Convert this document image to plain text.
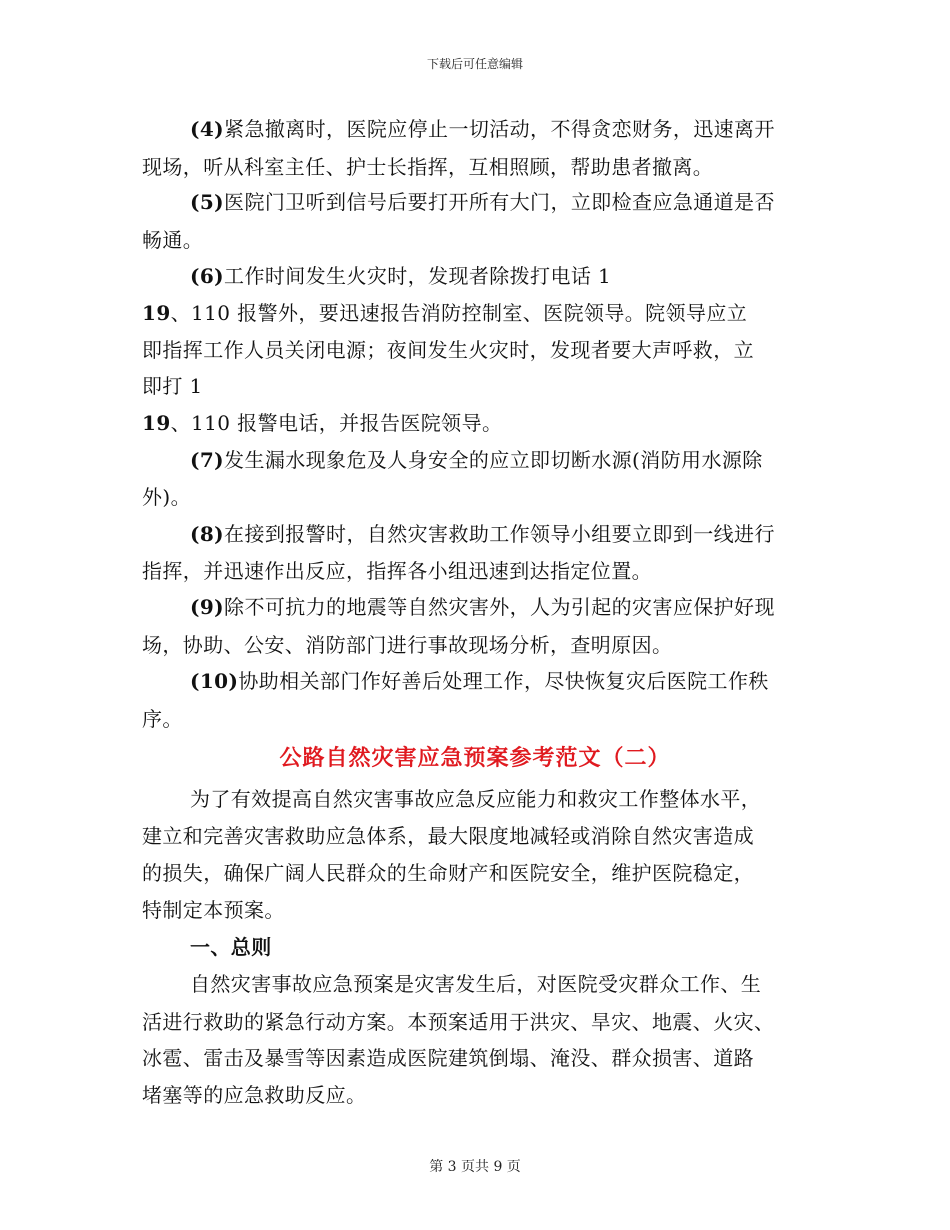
下载后可任意编辑
(4)紧急撤离时，医院应停止一切活动，不得贪恋财务，迅速离开
现场，听从科室主任、护士长指挥，互相照顾，帮助患者撤离。
(5)医院门卫听到信号后要打开所有大门，立即检查应急通道是否
畅通。
(6)工作时间发生火灾时，发现者除拨打电话 1
19、110 报警外，要迅速报告消防控制室、医院领导。院领导应立
即指挥工作人员关闭电源；夜间发生火灾时，发现者要大声呼救，立
即打 1
19、110 报警电话，并报告医院领导。
(7)发生漏水现象危及人身安全的应立即切断水源(消防用水源除
外)。
(8)在接到报警时，自然灾害救助工作领导小组要立即到一线进行
指挥，并迅速作出反应，指挥各小组迅速到达指定位置。
(9)除不可抗力的地震等自然灾害外，人为引起的灾害应保护好现
场，协助、公安、消防部门进行事故现场分析，查明原因。
(10)协助相关部门作好善后处理工作，尽快恢复灾后医院工作秩
序。
公路自然灾害应急预案参考范文（二）
为了有效提高自然灾害事故应急反应能力和救灾工作整体水平，
建立和完善灾害救助应急体系，最大限度地减轻或消除自然灾害造成
的损失，确保广阔人民群众的生命财产和医院安全，维护医院稳定，
特制定本预案。
一、总则
自然灾害事故应急预案是灾害发生后，对医院受灾群众工作、生
活进行救助的紧急行动方案。本预案适用于洪灾、旱灾、地震、火灾、
冰雹、雷击及暴雪等因素造成医院建筑倒塌、淹没、群众损害、道路
堵塞等的应急救助反应。
第 3 页共 9 页
